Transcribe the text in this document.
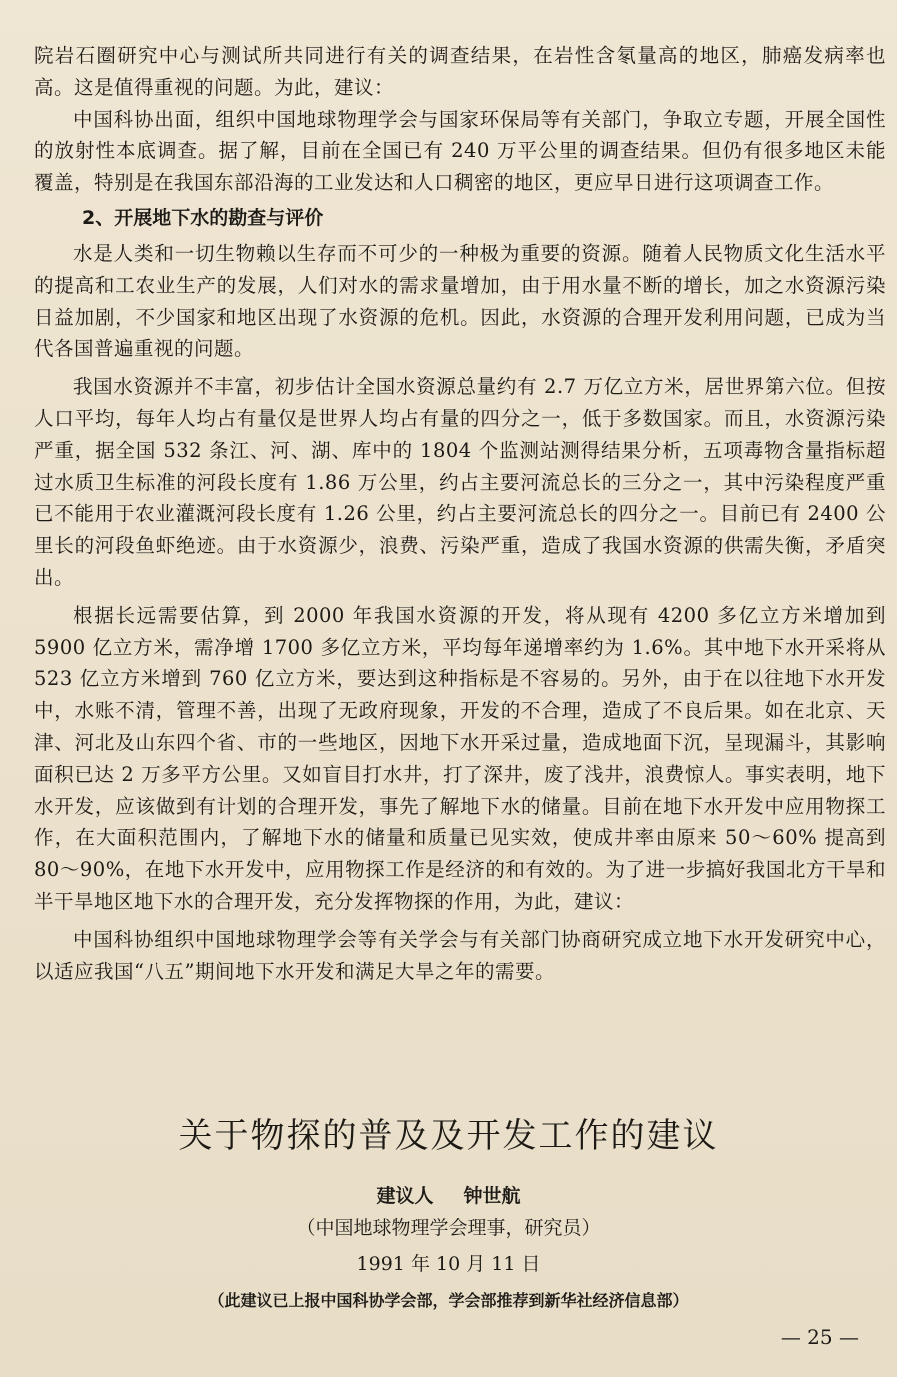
院岩石圈研究中心与测试所共同进行有关的调查结果，在岩性含氡量高的地区，肺癌发病率也高。这是值得重视的问题。为此，建议：

中国科协出面，组织中国地球物理学会与国家环保局等有关部门，争取立专题，开展全国性的放射性本底调查。据了解，目前在全国已有 240 万平公里的调查结果。但仍有很多地区未能覆盖，特别是在我国东部沿海的工业发达和人口稠密的地区，更应早日进行这项调查工作。

2、开展地下水的勘查与评价

水是人类和一切生物赖以生存而不可少的一种极为重要的资源。随着人民物质文化生活水平的提高和工农业生产的发展，人们对水的需求量增加，由于用水量不断的增长，加之水资源污染日益加剧，不少国家和地区出现了水资源的危机。因此，水资源的合理开发利用问题，已成为当代各国普遍重视的问题。

我国水资源并不丰富，初步估计全国水资源总量约有 2.7 万亿立方米，居世界第六位。但按人口平均，每年人均占有量仅是世界人均占有量的四分之一，低于多数国家。而且，水资源污染严重，据全国 532 条江、河、湖、库中的 1804 个监测站测得结果分析，五项毒物含量指标超过水质卫生标准的河段长度有 1.86 万公里，约占主要河流总长的三分之一，其中污染程度严重已不能用于农业灌溉河段长度有 1.26 公里，约占主要河流总长的四分之一。目前已有 2400 公里长的河段鱼虾绝迹。由于水资源少，浪费、污染严重，造成了我国水资源的供需失衡，矛盾突出。

根据长远需要估算，到 2000 年我国水资源的开发，将从现有 4200 多亿立方米增加到 5900 亿立方米，需净增 1700 多亿立方米，平均每年递增率约为 1.6%。其中地下水开采将从 523 亿立方米增到 760 亿立方米，要达到这种指标是不容易的。另外，由于在以往地下水开发中，水账不清，管理不善，出现了无政府现象，开发的不合理，造成了不良后果。如在北京、天津、河北及山东四个省、市的一些地区，因地下水开采过量，造成地面下沉，呈现漏斗，其影响面积已达 2 万多平方公里。又如盲目打水井，打了深井，废了浅井，浪费惊人。事实表明，地下水开发，应该做到有计划的合理开发，事先了解地下水的储量。目前在地下水开发中应用物探工作，在大面积范围内，了解地下水的储量和质量已见实效，使成井率由原来 50～60% 提高到 80～90%，在地下水开发中，应用物探工作是经济的和有效的。为了进一步搞好我国北方干旱和半干旱地区地下水的合理开发，充分发挥物探的作用，为此，建议：

中国科协组织中国地球物理学会等有关学会与有关部门协商研究成立地下水开发研究中心，以适应我国“八五”期间地下水开发和满足大旱之年的需要。

关于物探的普及及开发工作的建议
建议人 钟世航
（中国地球物理学会理事，研究员）
1991 年 10 月 11 日
（此建议已上报中国科协学会部，学会部推荐到新华社经济信息部）
— 25 —
